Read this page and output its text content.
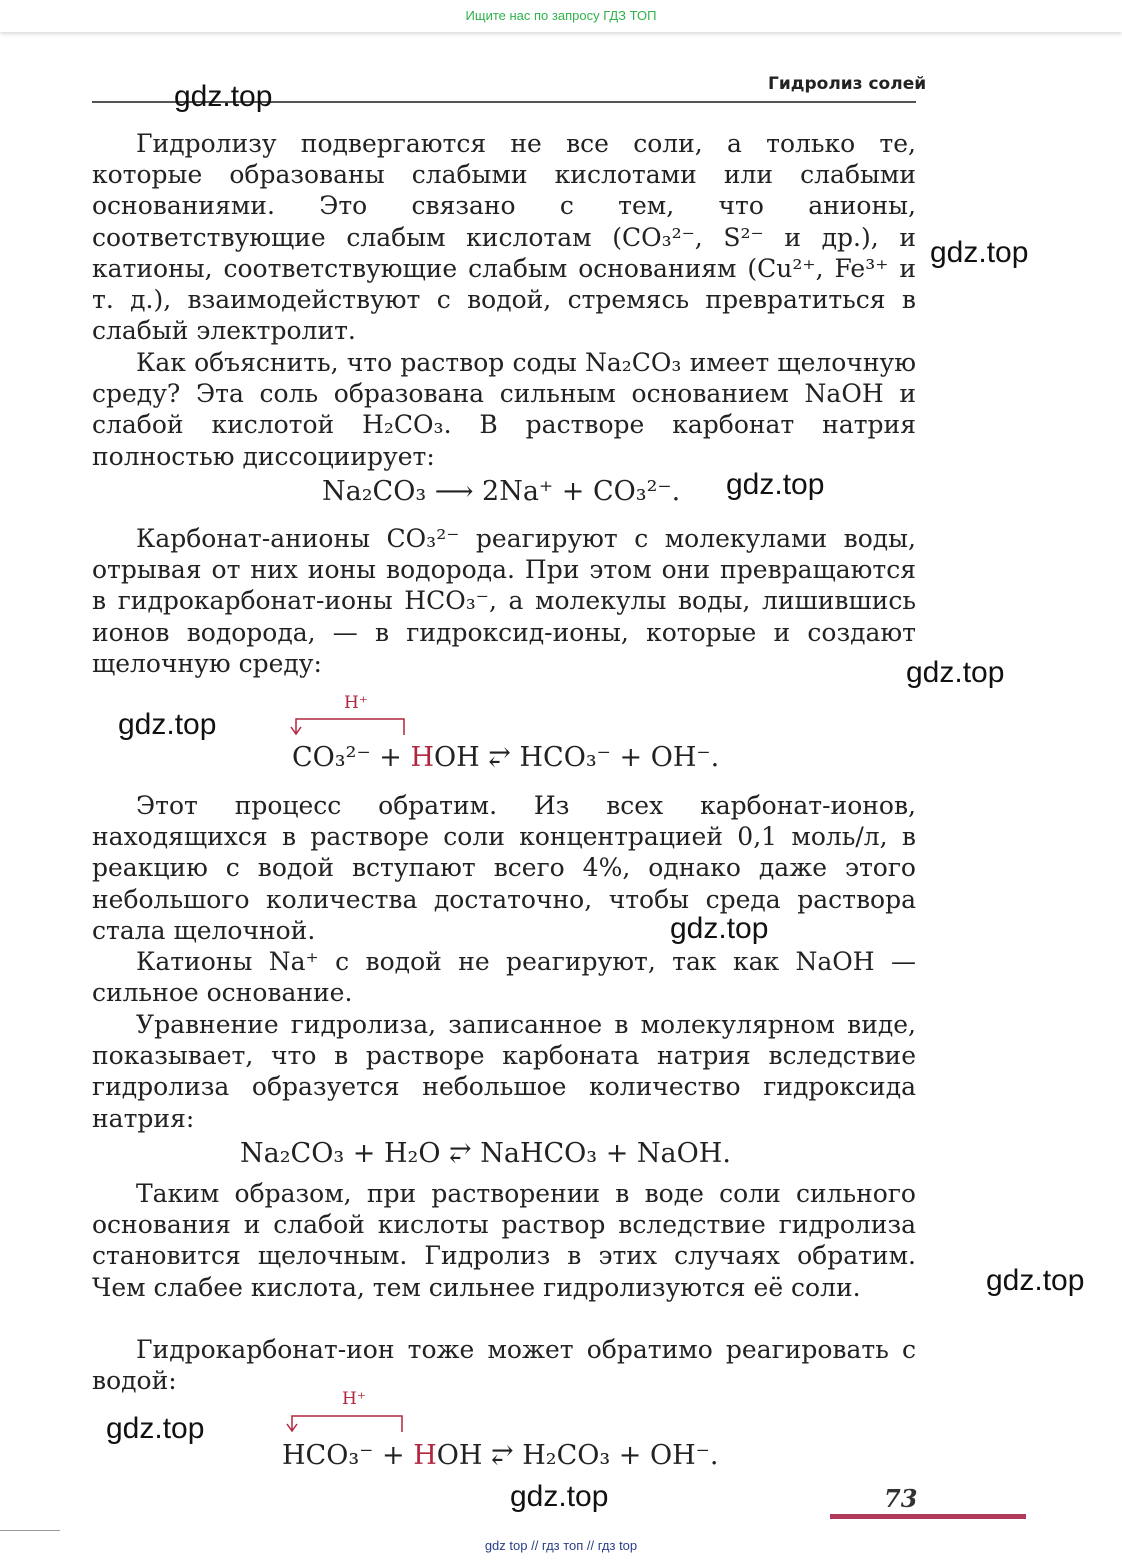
Ищите нас по запросу ГДЗ ТОП
Гидролиз солей

Гидролизу подвергаются не все соли, а только те, которые образованы слабыми кислотами или слабыми основаниями. Это связано с тем, что анионы, соответствующие слабым кислотам (CO₃²⁻, S²⁻ и др.), и катионы, соответствующие слабым основаниям (Cu²⁺, Fe³⁺ и т. д.), взаимодействуют с водой, стремясь превратиться в слабый электролит.

Как объяснить, что раствор соды Na₂CO₃ имеет щелочную среду? Эта соль образована сильным основанием NaOH и слабой кислотой H₂CO₃. В растворе карбонат натрия полностью диссоциирует:

Na₂CO₃ ⟶ 2Na⁺ + CO₃²⁻.

Карбонат-анионы CO₃²⁻ реагируют с молекулами воды, отрывая от них ионы водорода. При этом они превращаются в гидрокарбонат-ионы HCO₃⁻, а молекулы воды, лишившись ионов водорода, — в гидроксид-ионы, которые и создают щелочную среду:

H⁺
CO₃²⁻ + HOH ⥂ HCO₃⁻ + OH⁻.

Этот процесс обратим. Из всех карбонат-ионов, находящихся в растворе соли концентрацией 0,1 моль/л, в реакцию с водой вступают всего 4%, однако даже этого небольшого количества достаточно, чтобы среда раствора стала щелочной.

Катионы Na⁺ с водой не реагируют, так как NaOH — сильное основание.

Уравнение гидролиза, записанное в молекулярном виде, показывает, что в растворе карбоната натрия вследствие гидролиза образуется небольшое количество гидроксида натрия:

Na₂CO₃ + H₂O ⥂ NaHCO₃ + NaOH.

Таким образом, при растворении в воде соли сильного основания и слабой кислоты раствор вследствие гидролиза становится щелочным. Гидролиз в этих случаях обратим. Чем слабее кислота, тем сильнее гидролизуются её соли.

Гидрокарбонат-ион тоже может обратимо реагировать с водой:

H⁺
HCO₃⁻ + HOH ⥂ H₂CO₃ + OH⁻.
gdz.top
gdz.top
gdz.top
gdz.top
gdz.top
gdz.top
gdz.top
gdz.top
gdz.top	73
gdz top // гдз топ // гдз top
